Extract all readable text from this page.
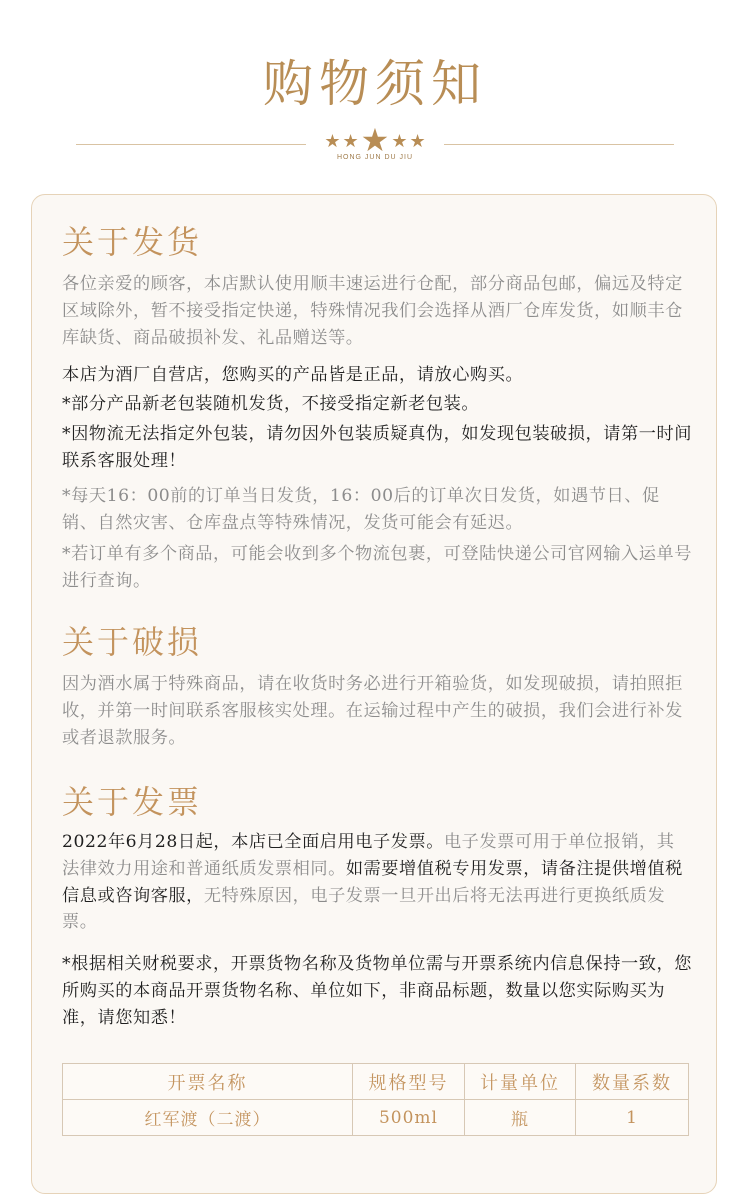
购物须知
★ ★★ ★ ★
HONG JUN DU JIU
关于发货

各位亲爱的顾客，本店默认使用顺丰速运进行仓配，部分商品包邮，偏远及特定区域除外，暂不接受指定快递，特殊情况我们会选择从酒厂仓库发货，如顺丰仓库缺货、商品破损补发、礼品赠送等。

本店为酒厂自营店，您购买的产品皆是正品，请放心购买。

*部分产品新老包装随机发货，不接受指定新老包装。

*因物流无法指定外包装，请勿因外包装质疑真伪，如发现包装破损，请第一时间联系客服处理！

*每天16：00前的订单当日发货，16：00后的订单次日发货，如遇节日、促销、自然灾害、仓库盘点等特殊情况，发货可能会有延迟。

*若订单有多个商品，可能会收到多个物流包裹，可登陆快递公司官网输入运单号进行查询。

关于破损

因为酒水属于特殊商品，请在收货时务必进行开箱验货，如发现破损，请拍照拒收，并第一时间联系客服核实处理。在运输过程中产生的破损，我们会进行补发或者退款服务。

关于发票

2022年6月28日起，本店已全面启用电子发票。电子发票可用于单位报销，其法律效力用途和普通纸质发票相同。如需要增值税专用发票，请备注提供增值税信息或咨询客服，无特殊原因，电子发票一旦开出后将无法再进行更换纸质发票。

*根据相关财税要求，开票货物名称及货物单位需与开票系统内信息保持一致，您所购买的本商品开票货物名称、单位如下，非商品标题，数量以您实际购买为准，请您知悉！

开票名称	规格型号	计量单位	数量系数
红军渡（二渡）	500ml	瓶	1
